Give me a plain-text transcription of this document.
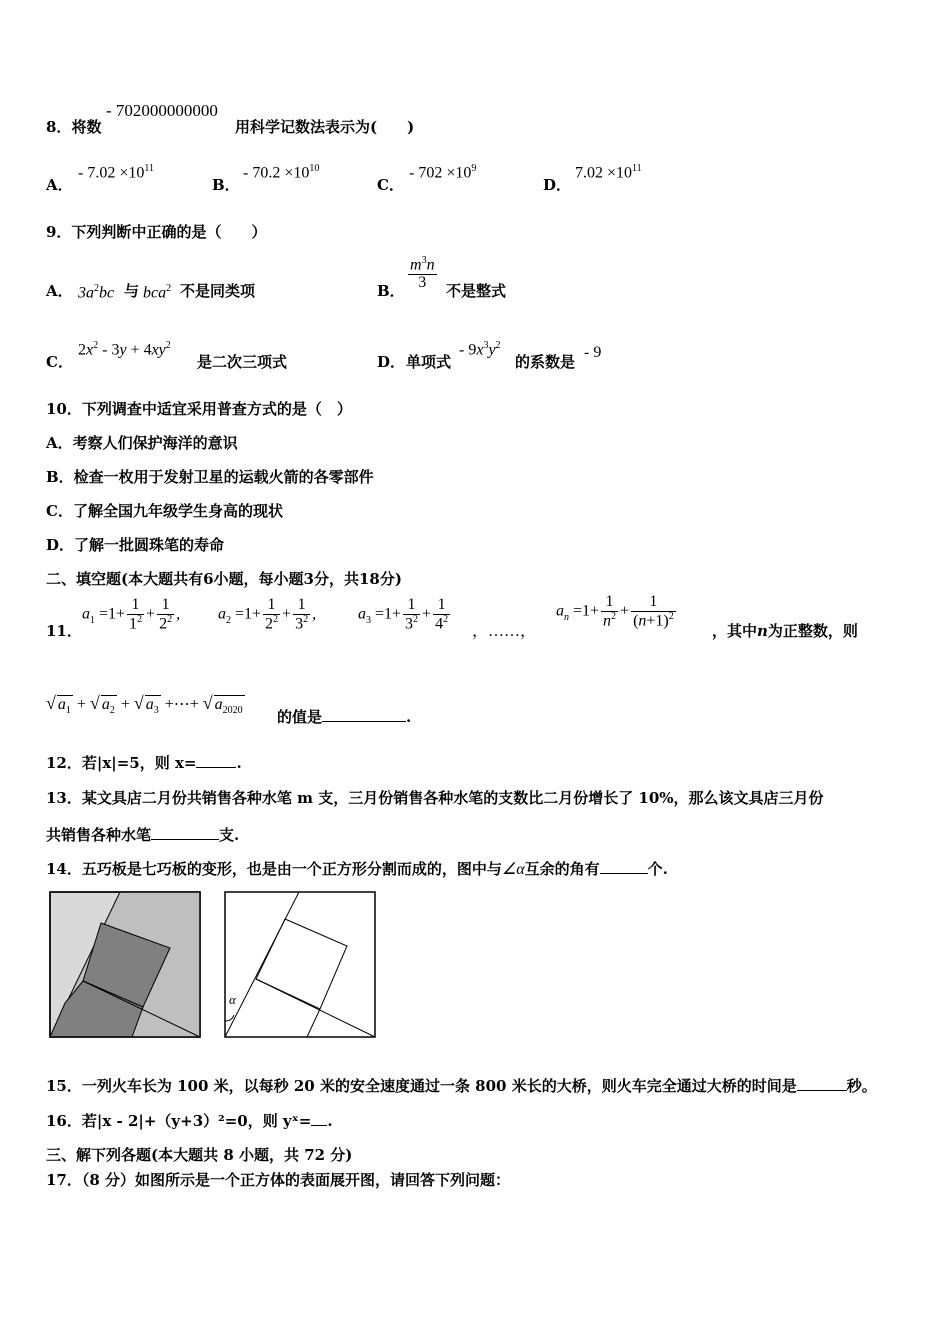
8．将数
- 702000000000
用科学记数法表示为(　　)
A．
- $7.02 \times 10^{11}$
B．
- $70.2 \times 10^{10}$
C．
- $702 \times 10^9$
D．
$7.02 \times 10^{11}$
9．下列判断中正确的是（　　）
A． $3a^2bc$ 与 bca$^2$ 不是同类项	B． $\frac{m^3n}{3}$ 不是整式
C．
$2x^2 - 3y + 4xy^2$
是二次三项式	D． 单项式
- $9x^3y^2$
的系数是
- 9
10．下列调查中适宜采用普查方式的是（　）
A．考察人们保护海洋的意识
B．检查一枚用于发射卫星的运载火箭的各零部件
C．了解全国九年级学生身高的现状
D．了解一批圆珠笔的寿命
二、填空题(本大题共有6小题，每小题3分，共18分)
11．
$a_1 =1+ \frac{1}{1^2} + \frac{1}{2^2}$ , $a_2 =1+ \frac{1}{2^2} + \frac{1}{3^2}$ ,	$a_3 =1+ \frac{1}{3^2} + \frac{1}{4^2}$ ，……，
$a_n =1+ \frac{1}{n^2} + \frac{1}{(n+1)^2}$
，其中n为正整数，则
√ $a_1$ + √ $a_2$ + √ $a_3$ +⋯+ √ $a_{2020}$ 的值是	.
12．若|x|=5，则 x=	.
13．某文具店二月份共销售各种水笔 m 支，三月份销售各种水笔的支数比二月份增长了 10%，那么该文具店三月份
共销售各种水笔	支.
14．五巧板是七巧板的变形，也是由一个正方形分割而成的，图中与∠α互余的角有	个.
α
15．一列火车长为 100 米，以每秒 20 米的安全速度通过一条 800 米长的大桥，则火车完全通过大桥的时间是	秒。
16．若|x - 2|+（y+3）²=0，则 yˣ= .
三、解下列各题(本大题共 8 小题，共 72 分)
17．（8 分）如图所示是一个正方体的表面展开图，请回答下列问题：
